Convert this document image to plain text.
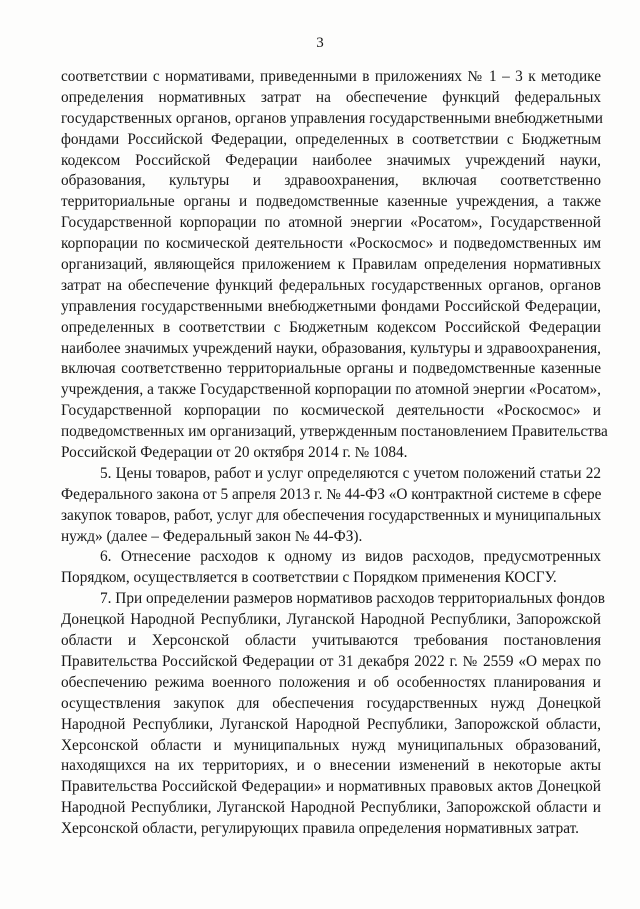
3
соответствии с нормативами, приведенными в приложениях № 1 – 3 к методике
определения нормативных затрат на обеспечение функций федеральных
государственных органов, органов управления государственными внебюджетными
фондами Российской Федерации, определенных в соответствии с Бюджетным
кодексом Российской Федерации наиболее значимых учреждений науки,
образования, культуры и здравоохранения, включая соответственно
территориальные органы и подведомственные казенные учреждения, а также
Государственной корпорации по атомной энергии «Росатом», Государственной
корпорации по космической деятельности «Роскосмос» и подведомственных им
организаций, являющейся приложением к Правилам определения нормативных
затрат на обеспечение функций федеральных государственных органов, органов
управления государственными внебюджетными фондами Российской Федерации,
определенных в соответствии с Бюджетным кодексом Российской Федерации
наиболее значимых учреждений науки, образования, культуры и здравоохранения,
включая соответственно территориальные органы и подведомственные казенные
учреждения, а также Государственной корпорации по атомной энергии «Росатом»,
Государственной корпорации по космической деятельности «Роскосмос» и
подведомственных им организаций, утвержденным постановлением Правительства
Российской Федерации от 20 октября 2014 г. № 1084.
5. Цены товаров, работ и услуг определяются с учетом положений статьи 22
Федерального закона от 5 апреля 2013 г. № 44-ФЗ «О контрактной системе в сфере
закупок товаров, работ, услуг для обеспечения государственных и муниципальных
нужд» (далее – Федеральный закон № 44-ФЗ).
6. Отнесение расходов к одному из видов расходов, предусмотренных
Порядком, осуществляется в соответствии с Порядком применения КОСГУ.
7. При определении размеров нормативов расходов территориальных фондов
Донецкой Народной Республики, Луганской Народной Республики, Запорожской
области и Херсонской области учитываются требования постановления
Правительства Российской Федерации от 31 декабря 2022 г. № 2559 «О мерах по
обеспечению режима военного положения и об особенностях планирования и
осуществления закупок для обеспечения государственных нужд Донецкой
Народной Республики, Луганской Народной Республики, Запорожской области,
Херсонской области и муниципальных нужд муниципальных образований,
находящихся на их территориях, и о внесении изменений в некоторые акты
Правительства Российской Федерации» и нормативных правовых актов Донецкой
Народной Республики, Луганской Народной Республики, Запорожской области и
Херсонской области, регулирующих правила определения нормативных затрат.
